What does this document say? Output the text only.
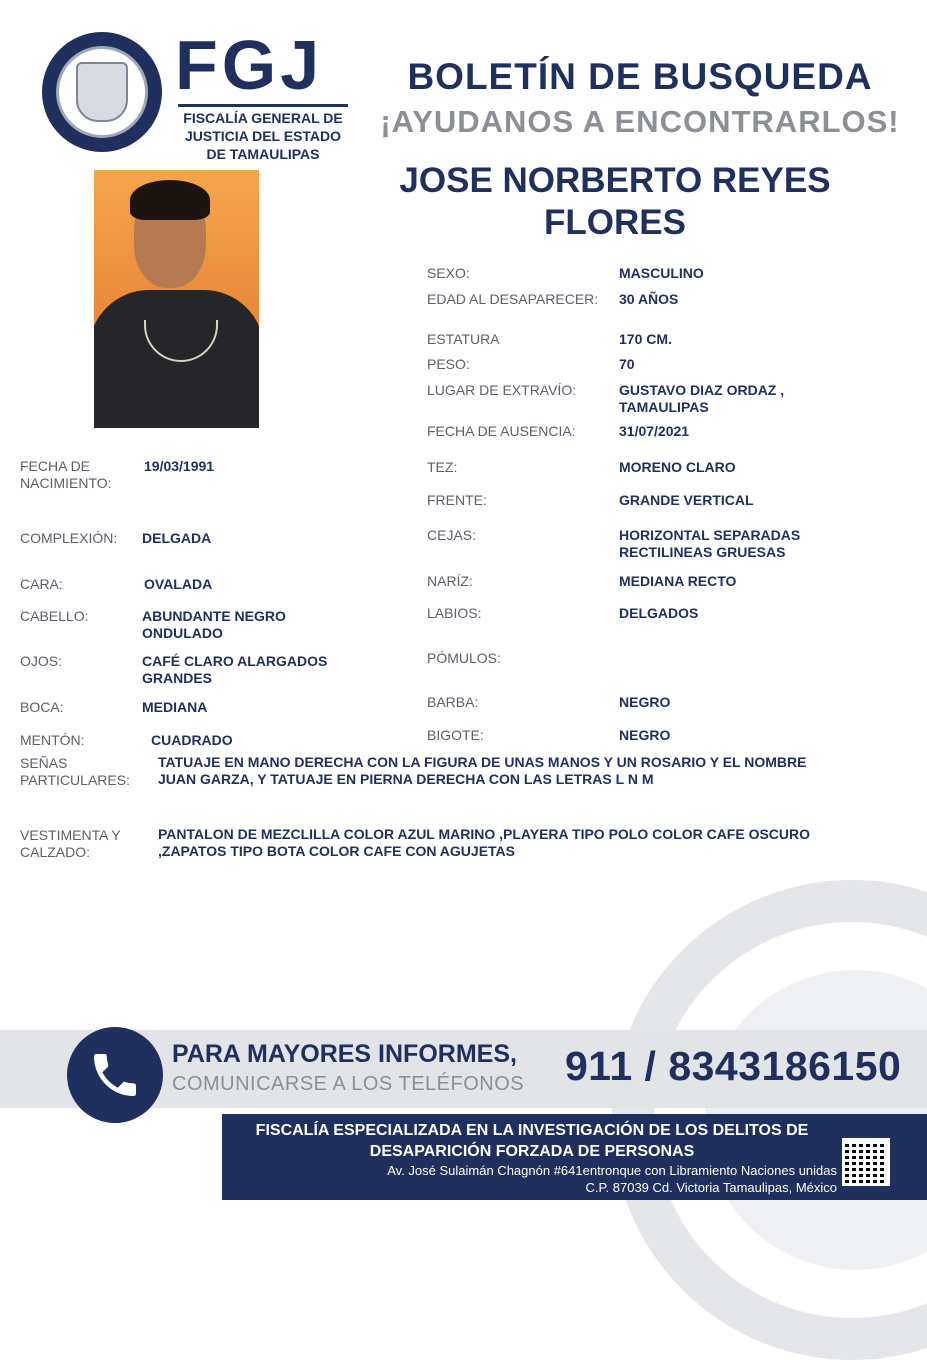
FGJ
FISCALÍA GENERAL DE
JUSTICIA DEL ESTADO
DE TAMAULIPAS
BOLETÍN DE BUSQUEDA
¡AYUDANOS A ENCONTRARLOS!
JOSE NORBERTO REYES
FLORES
PARA MAYORES INFORMES,
COMUNICARSE A LOS TELÉFONOS 911 / 8343186150
FISCALÍA ESPECIALIZADA EN LA INVESTIGACIÓN DE LOS DELITOS DE
DESAPARICIÓN FORZADA DE PERSONAS
Av. José Sulaimán Chagnón #641entronque con Libramiento Naciones unidas
C.P. 87039 Cd. Victoria Tamaulipas, México
SEXO:	MASCULINO
EDAD AL DESAPARECER:	30 AÑOS
ESTATURA	170 CM.
PESO:	70
LUGAR DE EXTRAVÍO:	GUSTAVO DIAZ ORDAZ ,
TAMAULIPAS
FECHA DE AUSENCIA:	31/07/2021
TEZ:	MORENO CLARO
FRENTE:	GRANDE VERTICAL
CEJAS:	HORIZONTAL SEPARADAS
RECTILINEAS GRUESAS
NARÍZ:	MEDIANA RECTO
LABIOS:	DELGADOS
PÓMULOS:
BARBA:	NEGRO
BIGOTE:	NEGRO
FECHA DE
NACIMIENTO:
19/03/1991
COMPLEXIÓN:	DELGADA
CARA:	OVALADA
CABELLO:	ABUNDANTE NEGRO
ONDULADO
OJOS:	CAFÉ CLARO ALARGADOS
GRANDES
BOCA:	MEDIANA
MENTÓN:	CUADRADO
SEÑAS
PARTICULARES:
TATUAJE EN MANO DERECHA CON LA FIGURA DE UNAS MANOS Y UN ROSARIO Y EL NOMBRE
JUAN GARZA, Y TATUAJE EN PIERNA DERECHA CON LAS LETRAS L N M
VESTIMENTA Y
CALZADO:
PANTALON DE MEZCLILLA COLOR AZUL MARINO ,PLAYERA TIPO POLO COLOR CAFE OSCURO
,ZAPATOS TIPO BOTA COLOR CAFE CON AGUJETAS
